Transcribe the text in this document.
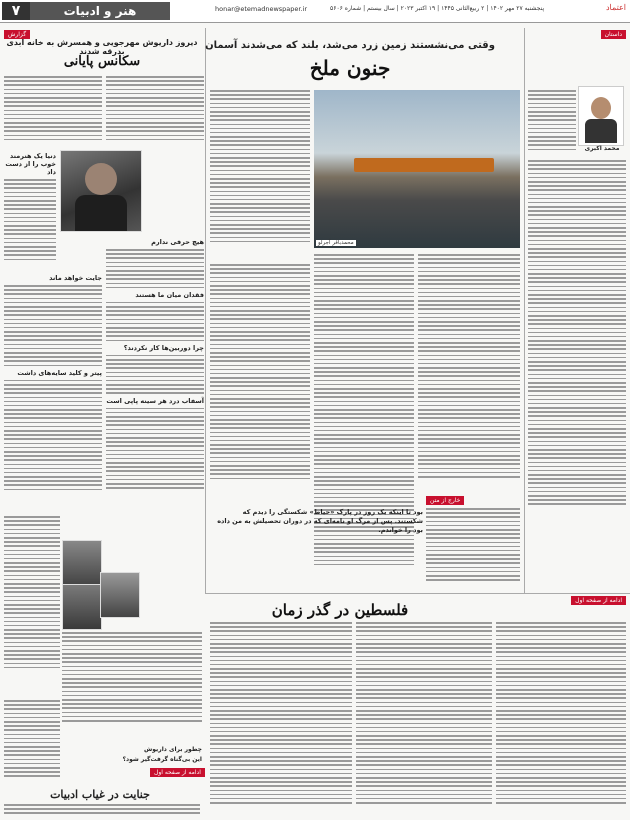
۷	هنر و ادبیات	honar@etemadnewspaper.ir	پنجشنبه ۲۷ مهر ۱۴۰۲ | ۲ ربیع‌الثانی ۱۴۴۵ | ۱۹ اکتبر ۲۰۲۳ | سال بیستم | شماره ۵۶۰۶	اعتماد
داستان
گزارش
وقتی می‌نشستند زمین زرد می‌شد، بلند که می‌شدند آسمان
جنون ملخ
محمدباقر آجرلو
محمد اکبری
خارج از متن
بود تا اینکه یک روز در پارک «حیاط» شکستگی را دیدم که شکستند. پس از مرگ او نامه‌ای که در دوران تحصیلش به من داده بود را خواندم.
دیروز داریوش مهرجویی و همسرش به خانه ابدی بدرقه شدند
سکانس پایانی
هیچ حرفی ندارم
فقدان میان ما هستند
چرا دوربین‌ها کار نکردند؟
آسفاب درد هر سینه پاپی است
دنیا یک هنرمند خوب را از دست داد
جایت خواهد ماند
پیتر و کلید سایه‌های داشت
چطور برای داریوش
این بی‌گناه گرفت‌گیر شود؟
ادامه از صفحه اول
جنایت در غیاب ادبیات
ادامه از صفحه اول
فلسطین در گذر زمان
